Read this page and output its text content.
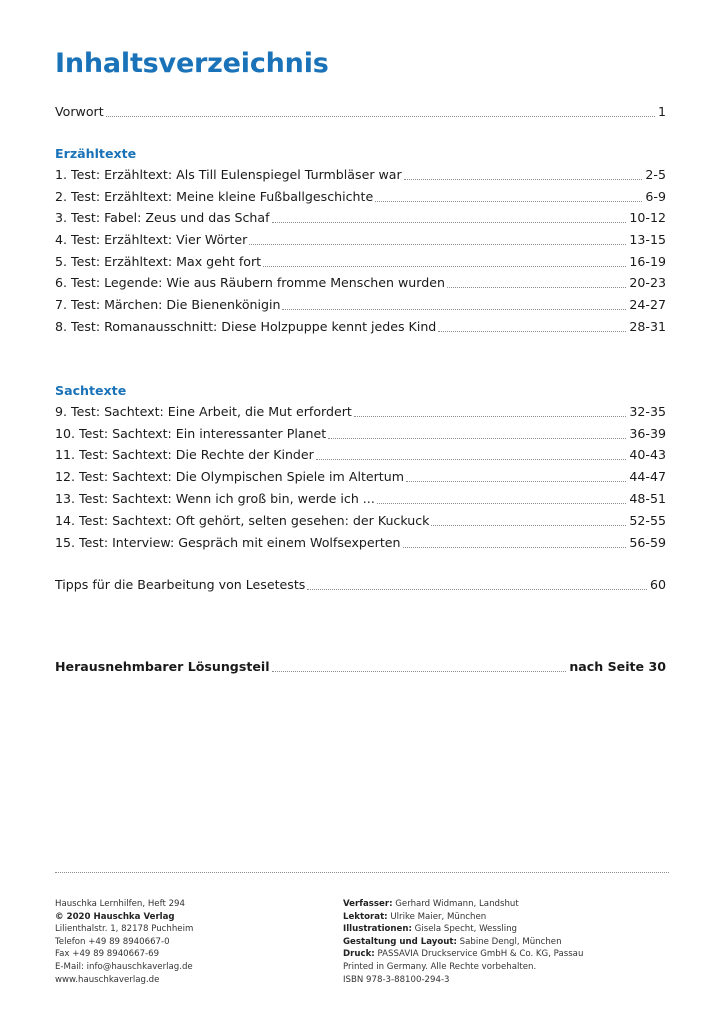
Inhaltsverzeichnis
Vorwort	1
Erzähltexte
1. Test: Erzähltext: Als Till Eulenspiegel Turmbläser war	2-5
2. Test: Erzähltext: Meine kleine Fußballgeschichte	6-9
3. Test: Fabel: Zeus und das Schaf	10-12
4. Test: Erzähltext: Vier Wörter	13-15
5. Test: Erzähltext: Max geht fort	16-19
6. Test: Legende: Wie aus Räubern fromme Menschen wurden	20-23
7. Test: Märchen: Die Bienenkönigin	24-27
8. Test: Romanausschnitt: Diese Holzpuppe kennt jedes Kind	28-31
Sachtexte
9. Test: Sachtext: Eine Arbeit, die Mut erfordert	32-35
10. Test: Sachtext: Ein interessanter Planet	36-39
11. Test: Sachtext: Die Rechte der Kinder	40-43
12. Test: Sachtext: Die Olympischen Spiele im Altertum	44-47
13. Test: Sachtext: Wenn ich groß bin, werde ich ...	48-51
14. Test: Sachtext: Oft gehört, selten gesehen: der Kuckuck	52-55
15. Test: Interview: Gespräch mit einem Wolfsexperten	56-59
Tipps für die Bearbeitung von Lesetests	60
Herausnehmbarer Lösungsteil	nach Seite 30
Hauschka Lernhilfen, Heft 294
© 2020 Hauschka Verlag
Lilienthalstr. 1, 82178 Puchheim
Telefon +49 89 8940667-0
Fax +49 89 8940667-69
E-Mail: info@hauschkaverlag.de
www.hauschkaverlag.de
Verfasser: Gerhard Widmann, Landshut
Lektorat: Ulrike Maier, München
Illustrationen: Gisela Specht, Wessling
Gestaltung und Layout: Sabine Dengl, München
Druck: PASSAVIA Druckservice GmbH & Co. KG, Passau
Printed in Germany. Alle Rechte vorbehalten.
ISBN 978-3-88100-294-3
